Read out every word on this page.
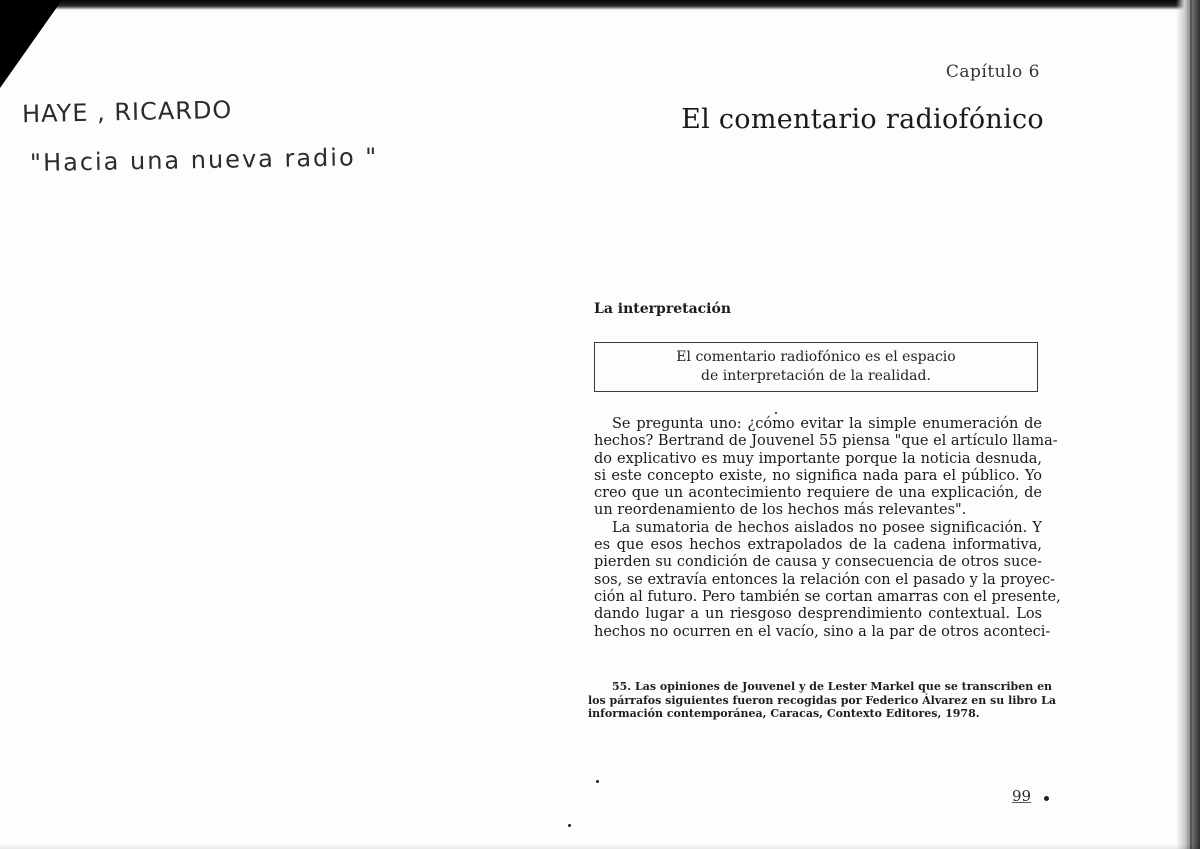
HAYE , RICARDO
"Hacia una nueva radio "
Capítulo 6
El comentario radiofónico
La interpretación
El comentario radiofónico es el espacio
de interpretación de la realidad.
Se pregunta uno: ¿cómo evitar la simple enumeración de
hechos? Bertrand de Jouvenel 55 piensa "que el artículo llama-
do explicativo es muy importante porque la noticia desnuda,
si este concepto existe, no significa nada para el público. Yo
creo que un acontecimiento requiere de una explicación, de
un reordenamiento de los hechos más relevantes".
La sumatoria de hechos aislados no posee significación. Y
es que esos hechos extrapolados de la cadena informativa,
pierden su condición de causa y consecuencia de otros suce-
sos, se extravía entonces la relación con el pasado y la proyec-
ción al futuro. Pero también se cortan amarras con el presente,
dando lugar a un riesgoso desprendimiento contextual. Los
hechos no ocurren en el vacío, sino a la par de otros aconteci-
55. Las opiniones de Jouvenel y de Lester Markel que se transcriben en
los párrafos siguientes fueron recogidas por Federico Álvarez en su libro La
información contemporánea, Caracas, Contexto Editores, 1978.
99
